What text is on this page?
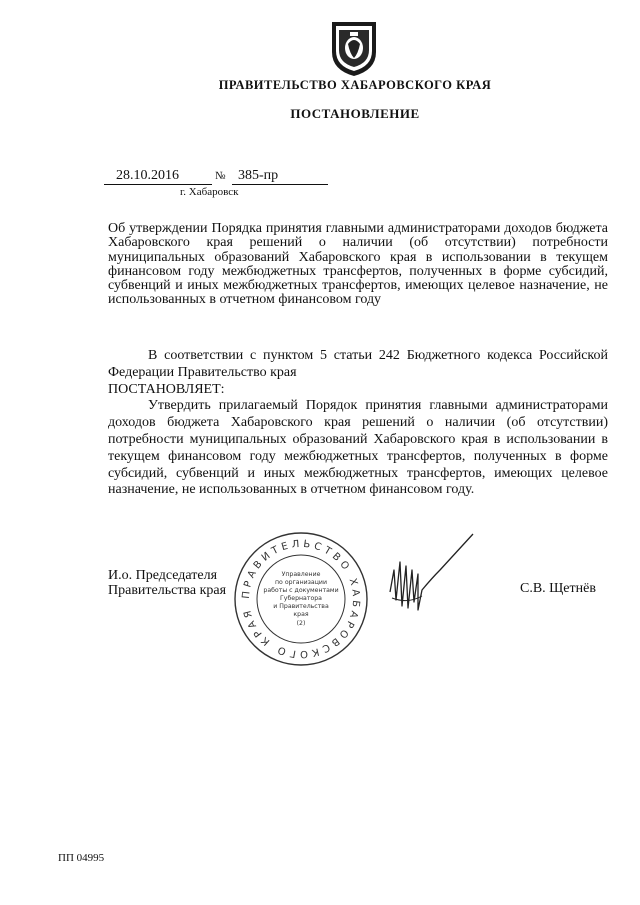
ПРАВИТЕЛЬСТВО ХАБАРОВСКОГО КРАЯ
ПОСТАНОВЛЕНИЕ
28.10.2016	№ 385-пр
г. Хабаровск
Об утверждении Порядка принятия главными администраторами доходов бюджета Хабаровского края решений о наличии (об отсутствии) потребности муниципальных образований Хабаровского края в использовании в текущем финансовом году межбюджетных трансфертов, полученных в форме субсидий, субвенций и иных межбюджетных трансфертов, имеющих целевое назначение, не использованных в отчетном финансовом году
В соответствии с пунктом 5 статьи 242 Бюджетного кодекса Российской Федерации Правительство края
ПОСТАНОВЛЯЕТ:
Утвердить прилагаемый Порядок принятия главными администраторами доходов бюджета Хабаровского края решений о наличии (об отсутствии) потребности муниципальных образований Хабаровского края в использовании в текущем финансовом году межбюджетных трансфертов, полученных в форме субсидий, субвенций и иных межбюджетных трансфертов, имеющих целевое назначение, не использованных в отчетном финансовом году.
И.о. Председателя
Правительства края ПРАВИТЕЛЬСТВО ХАБАРОВСКОГО КРАЯ
Управление
по организации
работы с документами
Губернатора
и Правительства
края
(2)
С.В. Щетнёв
ПП 04995
